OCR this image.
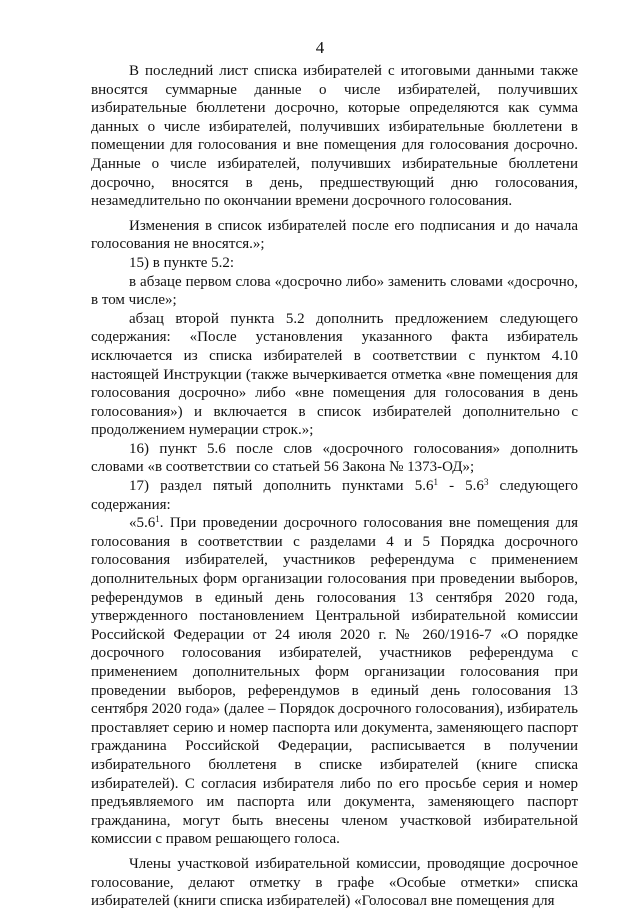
4

В последний лист списка избирателей с итоговыми данными также вносятся суммарные данные о числе избирателей, получивших избирательные бюллетени досрочно, которые определяются как сумма данных о числе избирателей, получивших избирательные бюллетени в помещении для голосования и вне помещения для голосования досрочно. Данные о числе избирателей, получивших избирательные бюллетени досрочно, вносятся в день, предшествующий дню голосования, незамедлительно по окончании времени досрочного голосования.

Изменения в список избирателей после его подписания и до начала голосования не вносятся.»;

15) в пункте 5.2:

в абзаце первом слова «досрочно либо» заменить словами «досрочно, в том числе»;

абзац второй пункта 5.2 дополнить предложением следующего содержания: «После установления указанного факта избиратель исключается из списка избирателей в соответствии с пунктом 4.10 настоящей Инструкции (также вычеркивается отметка «вне помещения для голосования досрочно» либо «вне помещения для голосования в день голосования») и включается в список избирателей дополнительно с продолжением нумерации строк.»;

16) пункт 5.6 после слов «досрочного голосования» дополнить словами «в соответствии со статьей 56 Закона № 1373-ОД»;

17) раздел пятый дополнить пунктами $5.6^1 - 5.6^3$ следующего содержания:

«$5.6^1$. При проведении досрочного голосования вне помещения для голосования в соответствии с разделами 4 и 5 Порядка досрочного голосования избирателей, участников референдума с применением дополнительных форм организации голосования при проведении выборов, референдумов в единый день голосования 13 сентября 2020 года, утвержденного постановлением Центральной избирательной комиссии Российской Федерации от 24 июля 2020 г. № 260/1916-7 «О порядке досрочного голосования избирателей, участников референдума с применением дополнительных форм организации голосования при проведении выборов, референдумов в единый день голосования 13 сентября 2020 года» (далее – Порядок досрочного голосования), избиратель проставляет серию и номер паспорта или документа, заменяющего паспорт гражданина Российской Федерации, расписывается в получении избирательного бюллетеня в списке избирателей (книге списка избирателей). С согласия избирателя либо по его просьбе серия и номер предъявляемого им паспорта или документа, заменяющего паспорт гражданина, могут быть внесены членом участковой избирательной комиссии с правом решающего голоса.

Члены участковой избирательной комиссии, проводящие досрочное голосование, делают отметку в графе «Особые отметки» списка избирателей (книги списка избирателей) «Голосовал вне помещения для
